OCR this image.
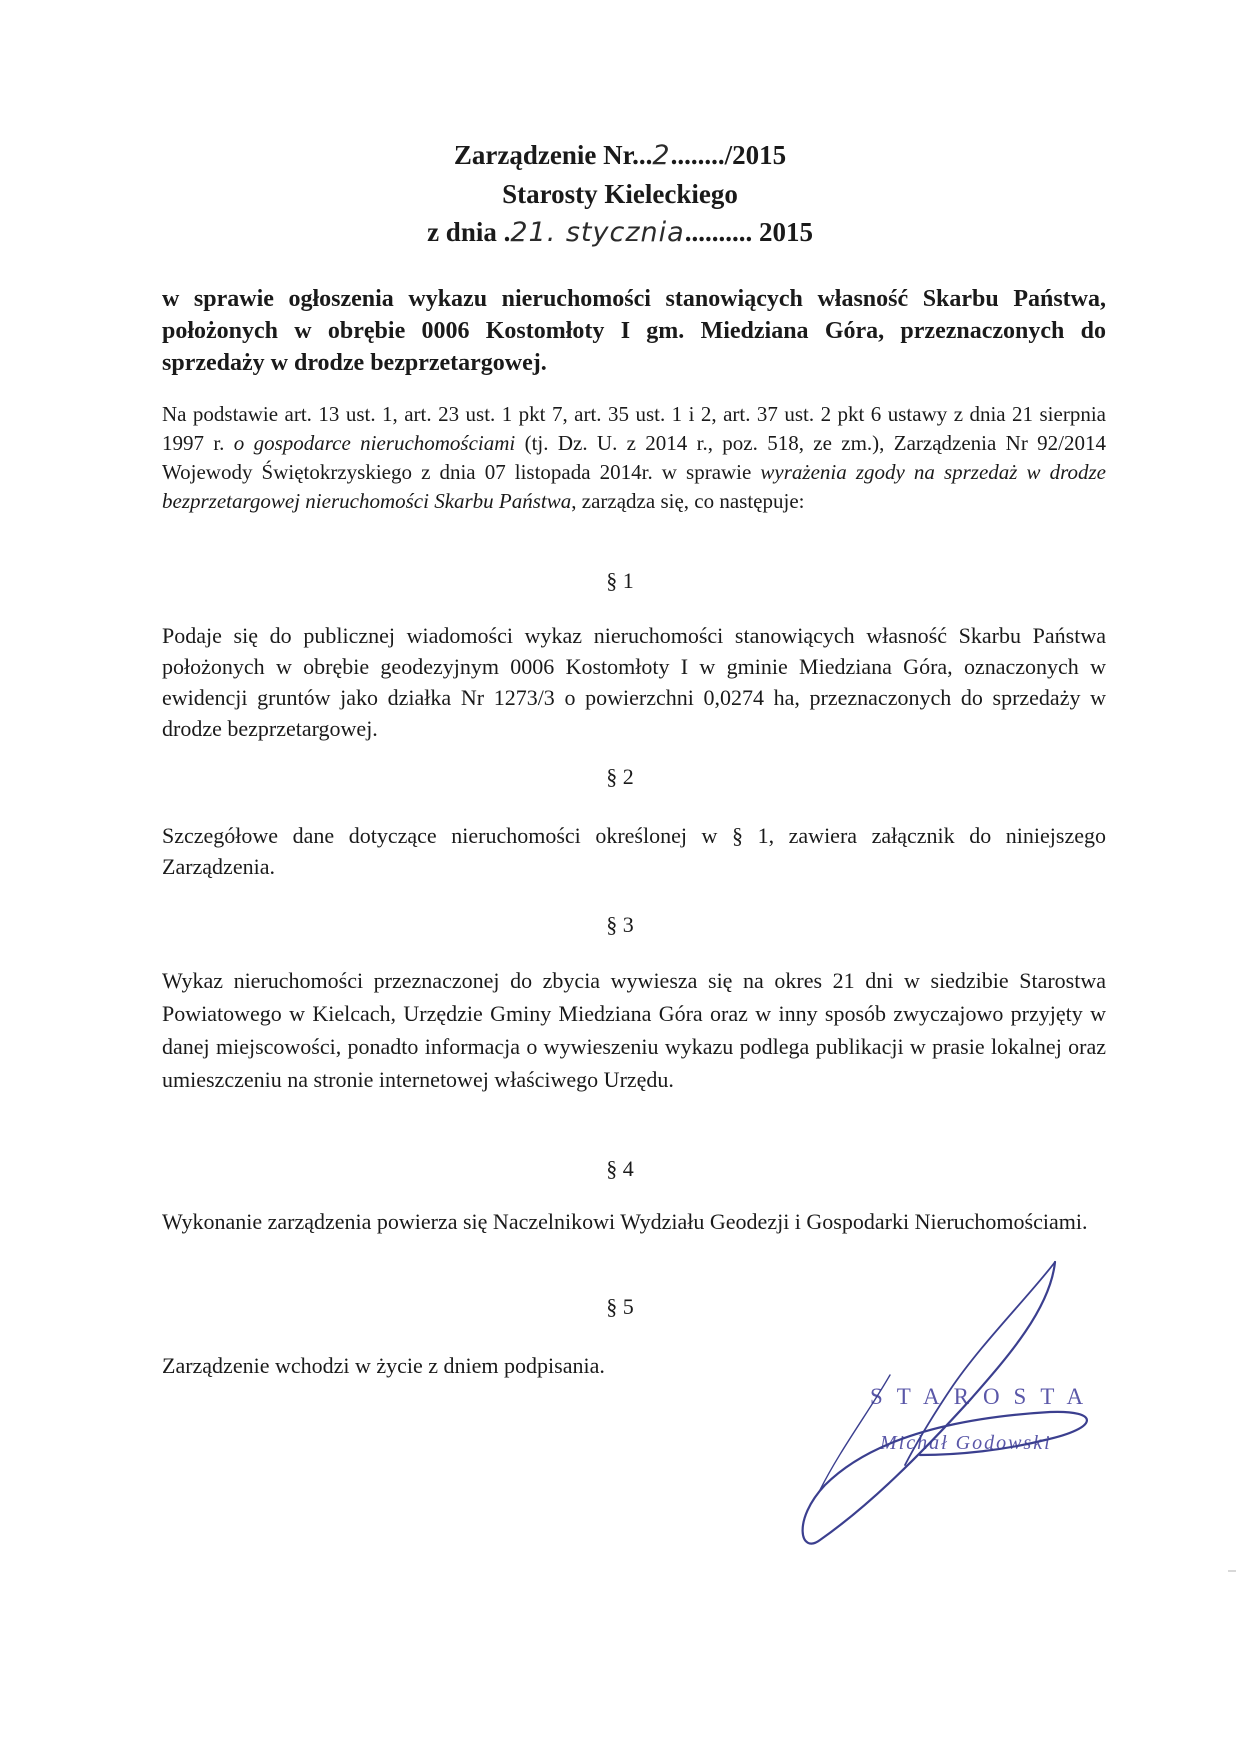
Zarządzenie Nr...2......../2015
Starosty Kieleckiego
z dnia .21. stycznia.......... 2015
w sprawie ogłoszenia wykazu nieruchomości stanowiących własność Skarbu Państwa, położonych w obrębie 0006 Kostomłoty I gm. Miedziana Góra, przeznaczonych do sprzedaży w drodze bezprzetargowej.
Na podstawie art. 13 ust. 1, art. 23 ust. 1 pkt 7, art. 35 ust. 1 i 2, art. 37 ust. 2 pkt 6 ustawy z dnia 21 sierpnia 1997 r. o gospodarce nieruchomościami (tj. Dz. U. z 2014 r., poz. 518, ze zm.), Zarządzenia Nr 92/2014 Wojewody Świętokrzyskiego z dnia 07 listopada 2014r. w sprawie wyrażenia zgody na sprzedaż w drodze bezprzetargowej nieruchomości Skarbu Państwa, zarządza się, co następuje:
§ 1
Podaje się do publicznej wiadomości wykaz nieruchomości stanowiących własność Skarbu Państwa położonych w obrębie geodezyjnym 0006 Kostomłoty I w gminie Miedziana Góra, oznaczonych w ewidencji gruntów jako działka Nr 1273/3 o powierzchni 0,0274 ha, przeznaczonych do sprzedaży w drodze bezprzetargowej.
§ 2
Szczegółowe dane dotyczące nieruchomości określonej w § 1, zawiera załącznik do niniejszego Zarządzenia.
§ 3
Wykaz nieruchomości przeznaczonej do zbycia wywiesza się na okres 21 dni w siedzibie Starostwa Powiatowego w Kielcach, Urzędzie Gminy Miedziana Góra oraz w inny sposób zwyczajowo przyjęty w danej miejscowości, ponadto informacja o wywieszeniu wykazu podlega publikacji w prasie lokalnej oraz umieszczeniu na stronie internetowej właściwego Urzędu.
§ 4
Wykonanie zarządzenia powierza się Naczelnikowi Wydziału Geodezji i Gospodarki Nieruchomościami.
§ 5
Zarządzenie wchodzi w życie z dniem podpisania.
STAROSTA
Michał Godowski
